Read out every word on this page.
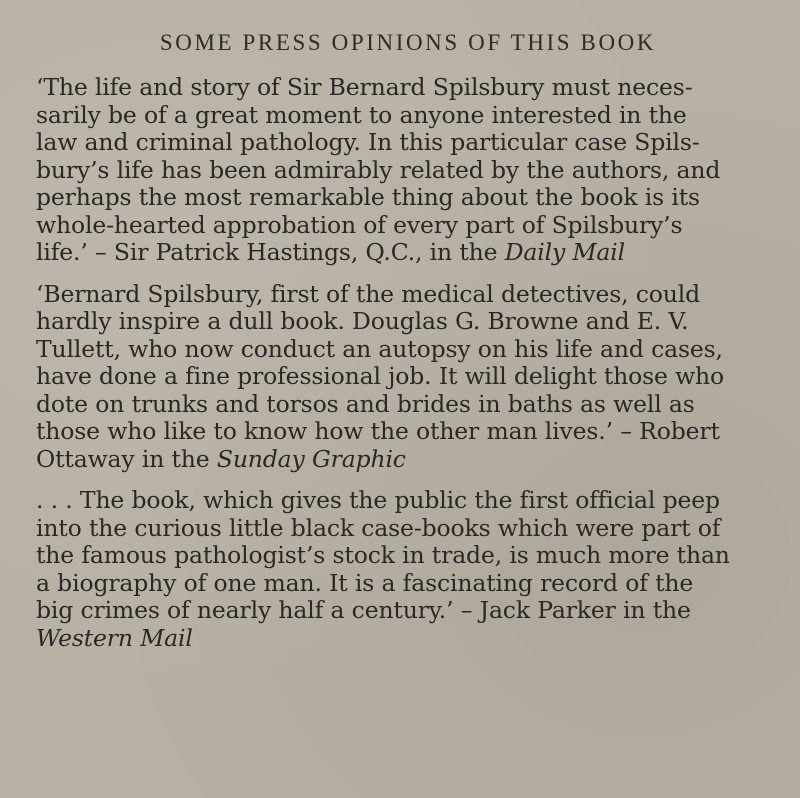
SOME PRESS OPINIONS OF THIS BOOK
‘The life and story of Sir Bernard Spilsbury must neces-
sarily be of a great moment to anyone interested in the
law and criminal pathology. In this particular case Spils-
bury’s life has been admirably related by the authors, and
perhaps the most remarkable thing about the book is its
whole-hearted approbation of every part of Spilsbury’s
life.’ – Sir Patrick Hastings, Q.C., in the Daily Mail
‘Bernard Spilsbury, first of the medical detectives, could
hardly inspire a dull book. Douglas G. Browne and E. V.
Tullett, who now conduct an autopsy on his life and cases,
have done a fine professional job. It will delight those who
dote on trunks and torsos and brides in baths as well as
those who like to know how the other man lives.’ – Robert
Ottaway in the Sunday Graphic
. . . The book, which gives the public the first official peep
into the curious little black case-books which were part of
the famous pathologist’s stock in trade, is much more than
a biography of one man. It is a fascinating record of the
big crimes of nearly half a century.’ – Jack Parker in the
Western Mail
